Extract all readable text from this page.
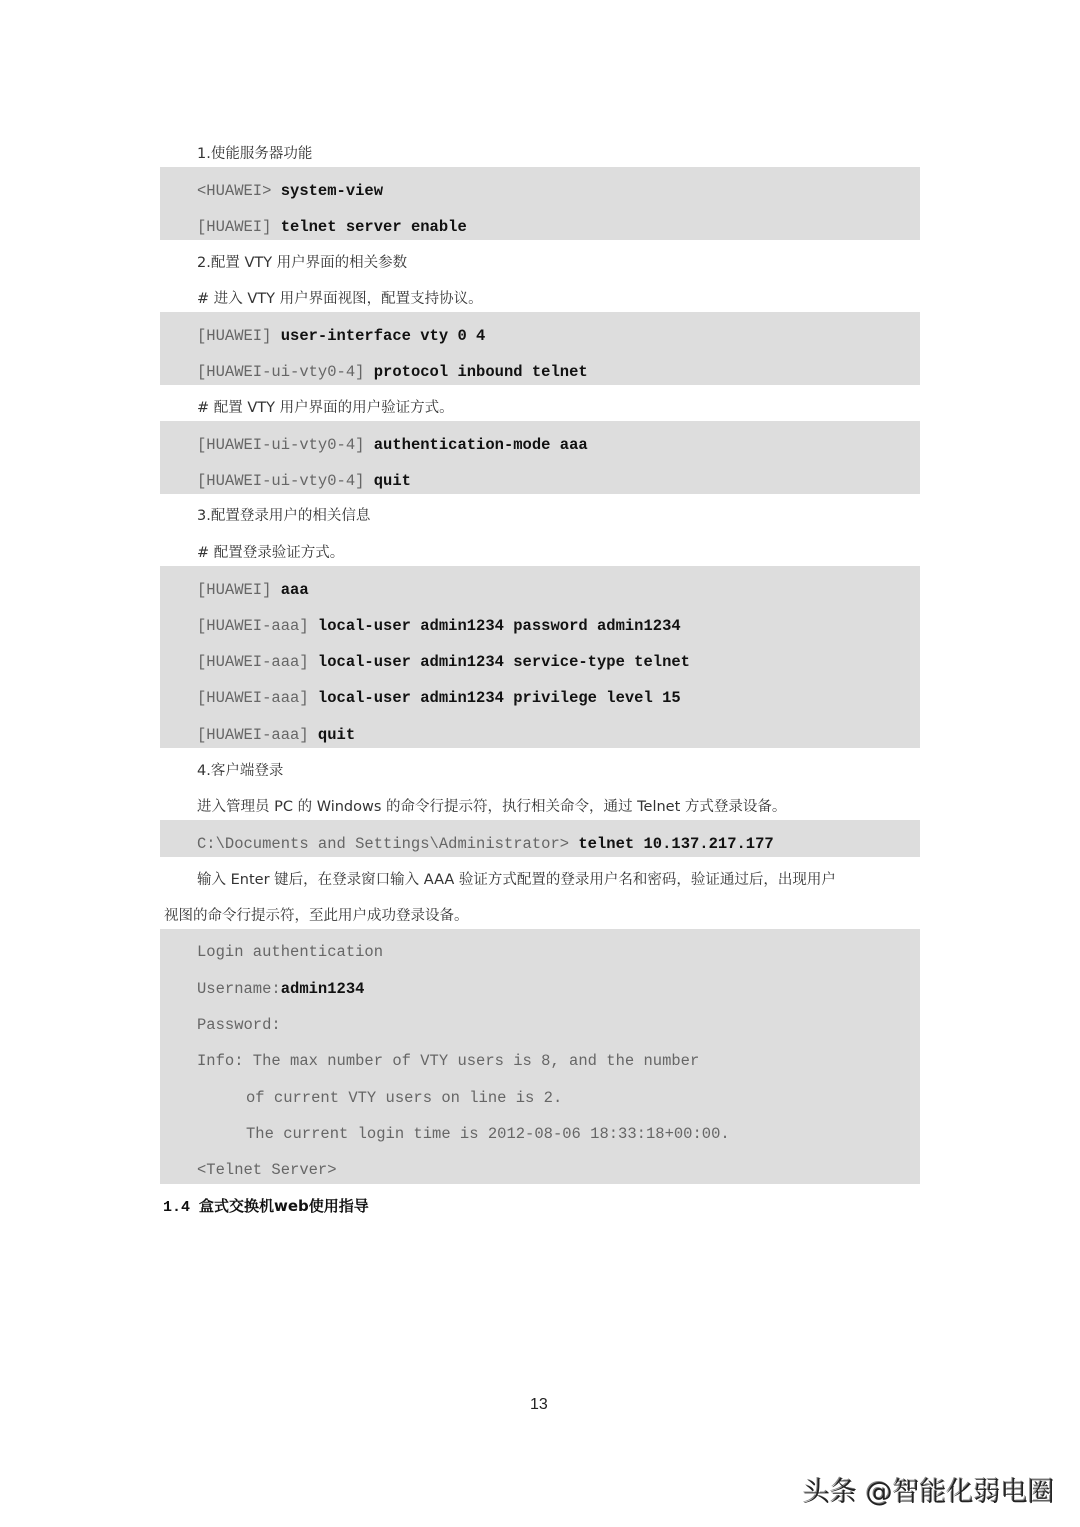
1.使能服务器功能
<HUAWEI> system-view
[HUAWEI] telnet server enable
2.配置 VTY 用户界面的相关参数
# 进入 VTY 用户界面视图，配置支持协议。
[HUAWEI] user-interface vty 0 4
[HUAWEI-ui-vty0-4] protocol inbound telnet
# 配置 VTY 用户界面的用户验证方式。
[HUAWEI-ui-vty0-4] authentication-mode aaa
[HUAWEI-ui-vty0-4] quit
3.配置登录用户的相关信息
# 配置登录验证方式。
[HUAWEI] aaa
[HUAWEI-aaa] local-user admin1234 password admin1234
[HUAWEI-aaa] local-user admin1234 service-type telnet
[HUAWEI-aaa] local-user admin1234 privilege level 15
[HUAWEI-aaa] quit
4.客户端登录
进入管理员 PC 的 Windows 的命令行提示符，执行相关命令，通过 Telnet 方式登录设备。
C:\Documents and Settings\Administrator> telnet 10.137.217.177
输入 Enter 键后，在登录窗口输入 AAA 验证方式配置的登录用户名和密码，验证通过后，出现用户
视图的命令行提示符，至此用户成功登录设备。
Login authentication
Username:admin1234
Password:
Info: The max number of VTY users is 8, and the number
of current VTY users on line is 2.
The current login time is 2012-08-06 18:33:18+00:00.
<Telnet Server>
1.4 盒式交换机web使用指导
13
头条 @智能化弱电圈
